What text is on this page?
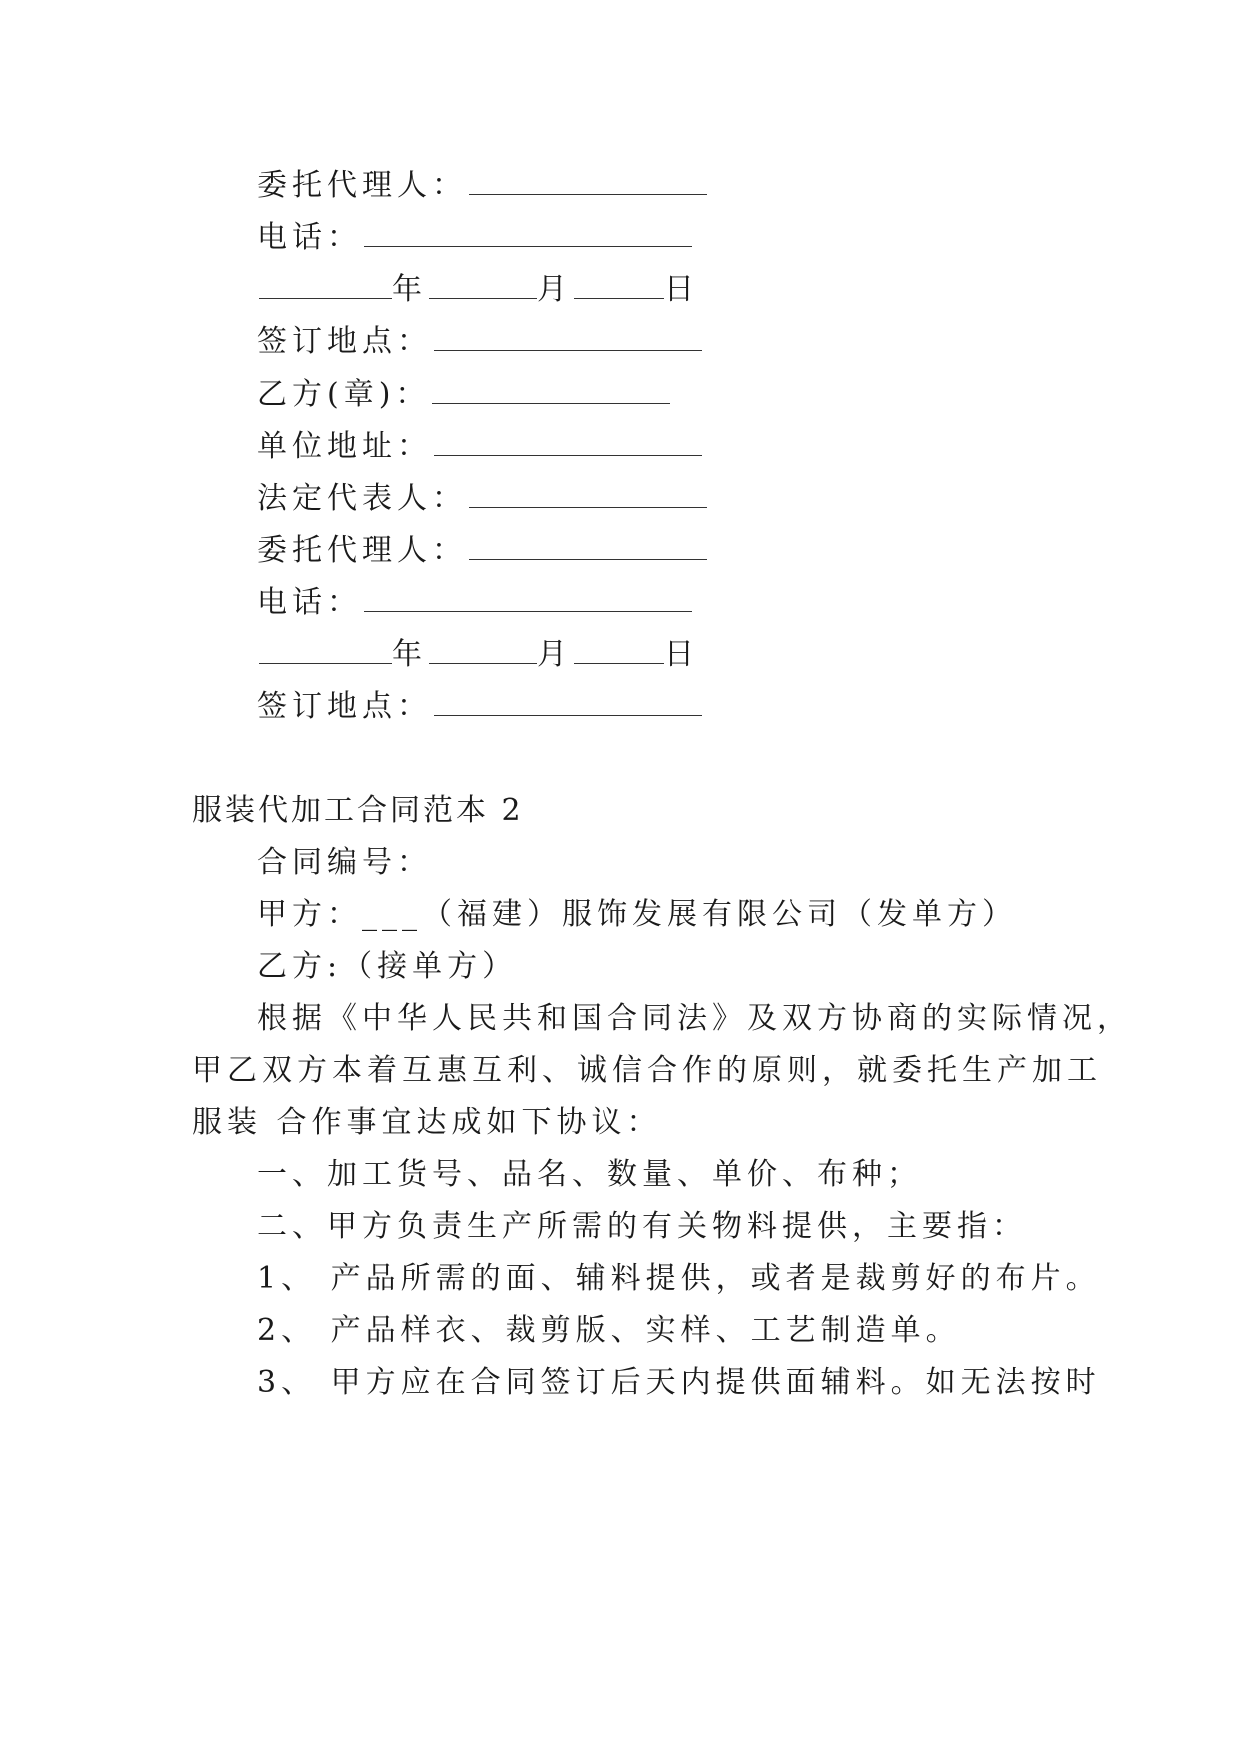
委托代理人：
电话：
年	月	日
签订地点：
乙方(章)：
单位地址：
法定代表人：
委托代理人：
电话：
年	月	日
签订地点：
服装代加工合同范本 2
合同编号：
甲方：___（福建）服饰发展有限公司（发单方）
乙方:（接单方）
根据《中华人民共和国合同法》及双方协商的实际情况，
甲乙双方本着互惠互利、诚信合作的原则，就委托生产加工
服装 合作事宜达成如下协议：
一、加工货号、品名、数量、单价、布种；
二、甲方负责生产所需的有关物料提供，主要指：
1、 产品所需的面、辅料提供，或者是裁剪好的布片。
2、 产品样衣、裁剪版、实样、工艺制造单。
3、 甲方应在合同签订后天内提供面辅料。如无法按时
